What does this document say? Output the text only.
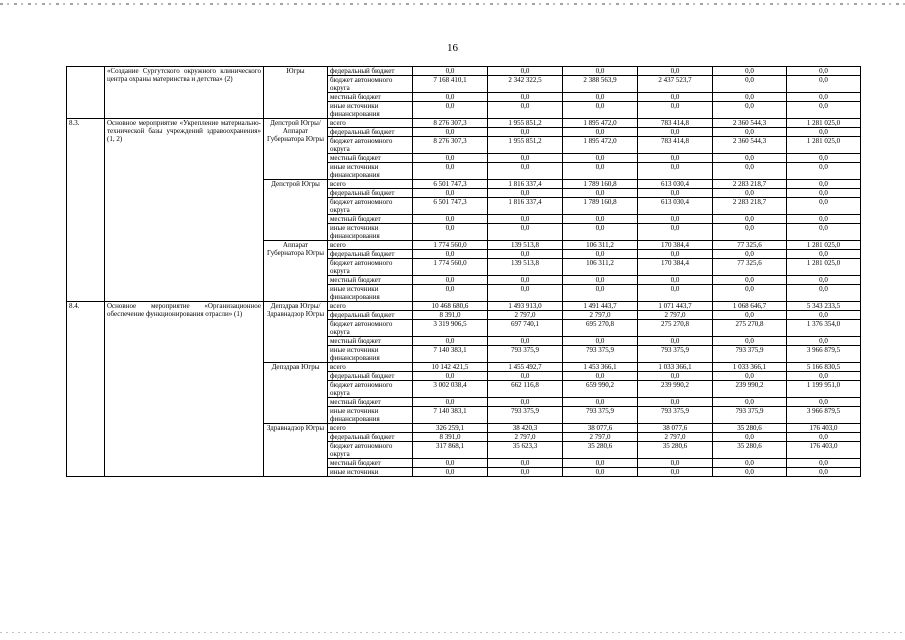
16
	«Создание Сургутского окружного клинического центра охраны материнства и детства» (2)	Югры	федеральный бюджет	0,0	0,0	0,0	0,0	0,0	0,0
			бюджет автономного округа	7 168 410,1	2 342 322,5	2 388 563,9	2 437 523,7	0,0	0,0
			местный бюджет	0,0	0,0	0,0	0,0	0,0	0,0
			иные источники финансирования	0,0	0,0	0,0	0,0	0,0	0,0
8.3.	Основное мероприятие «Укрепление материально-технической базы учреждений здравоохранения» (1, 2)	Депстрой Югры/ Аппарат Губернатора Югры	всего	8 276 307,3	1 955 851,2	1 895 472,0	783 414,8	2 360 544,3	1 281 025,0
			федеральный бюджет	0,0	0,0	0,0	0,0	0,0	0,0
			бюджет автономного округа	8 276 307,3	1 955 851,2	1 895 472,0	783 414,8	2 360 544,3	1 281 025,0
			местный бюджет	0,0	0,0	0,0	0,0	0,0	0,0
			иные источники финансирования	0,0	0,0	0,0	0,0	0,0	0,0
		Депстрой Югры	всего	6 501 747,3	1 816 337,4	1 789 160,8	613 030,4	2 283 218,7	0,0
			федеральный бюджет	0,0	0,0	0,0	0,0	0,0	0,0
			бюджет автономного округа	6 501 747,3	1 816 337,4	1 789 160,8	613 030,4	2 283 218,7	0,0
			местный бюджет	0,0	0,0	0,0	0,0	0,0	0,0
			иные источники финансирования	0,0	0,0	0,0	0,0	0,0	0,0
		Аппарат Губернатора Югры	всего	1 774 560,0	139 513,8	106 311,2	170 384,4	77 325,6	1 281 025,0
			федеральный бюджет	0,0	0,0	0,0	0,0	0,0	0,0
			бюджет автономного округа	1 774 560,0	139 513,8	106 311,2	170 384,4	77 325,6	1 281 025,0
			местный бюджет	0,0	0,0	0,0	0,0	0,0	0,0
			иные источники финансирования	0,0	0,0	0,0	0,0	0,0	0,0
8.4.	Основное мероприятие «Организационное обеспечение функционирования отрасли» (1)	Депздрав Югры/ Здравнадзор Югры	всего	10 468 680,6	1 493 913,0	1 491 443,7	1 071 443,7	1 068 646,7	5 343 233,5
			федеральный бюджет	8 391,0	2 797,0	2 797,0	2 797,0	0,0	0,0
			бюджет автономного округа	3 319 906,5	697 740,1	695 270,8	275 270,8	275 270,8	1 376 354,0
			местный бюджет	0,0	0,0	0,0	0,0	0,0	0,0
			иные источники финансирования	7 140 383,1	793 375,9	793 375,9	793 375,9	793 375,9	3 966 879,5
		Депздрав Югры	всего	10 142 421,5	1 455 492,7	1 453 366,1	1 033 366,1	1 033 366,1	5 166 830,5
			федеральный бюджет	0,0	0,0	0,0	0,0	0,0	0,0
			бюджет автономного округа	3 002 038,4	662 116,8	659 990,2	239 990,2	239 990,2	1 199 951,0
			местный бюджет	0,0	0,0	0,0	0,0	0,0	0,0
			иные источники финансирования	7 140 383,1	793 375,9	793 375,9	793 375,9	793 375,9	3 966 879,5
		Здравнадзор Югры	всего	326 259,1	38 420,3	38 077,6	38 077,6	35 280,6	176 403,0
			федеральный бюджет	8 391,0	2 797,0	2 797,0	2 797,0	0,0	0,0
			бюджет автономного округа	317 868,1	35 623,3	35 280,6	35 280,6	35 280,6	176 403,0
			местный бюджет	0,0	0,0	0,0	0,0	0,0	0,0
			иные источники	0,0	0,0	0,0	0,0	0,0	0,0
